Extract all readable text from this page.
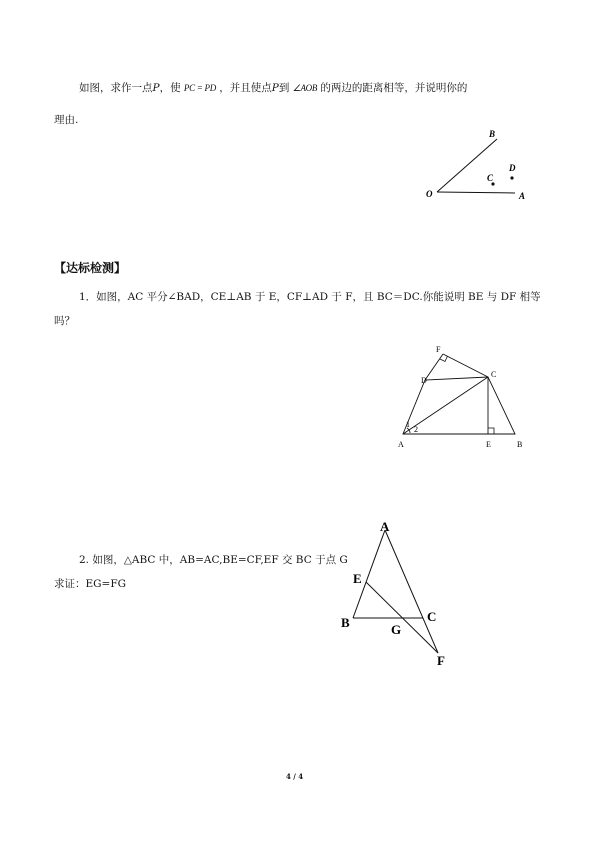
如图，求作一点P，使 PC = PD ，并且使点P到 ∠AOB 的两边的距离相等，并说明你的
理由.
B
D
C
O	A
【达标检测】
1．如图，AC 平分∠BAD，CE⊥AB 于 E，CF⊥AD 于 F，且 BC＝DC.你能说明 BE 与 DF 相等
吗？
F
D
C
1
2
A	E	B
2. 如图，△ABC 中，AB=AC,BE=CF,EF 交 BC 于点 G
求证：EG=FG
A
E
B	C
G
F
4 / 4
